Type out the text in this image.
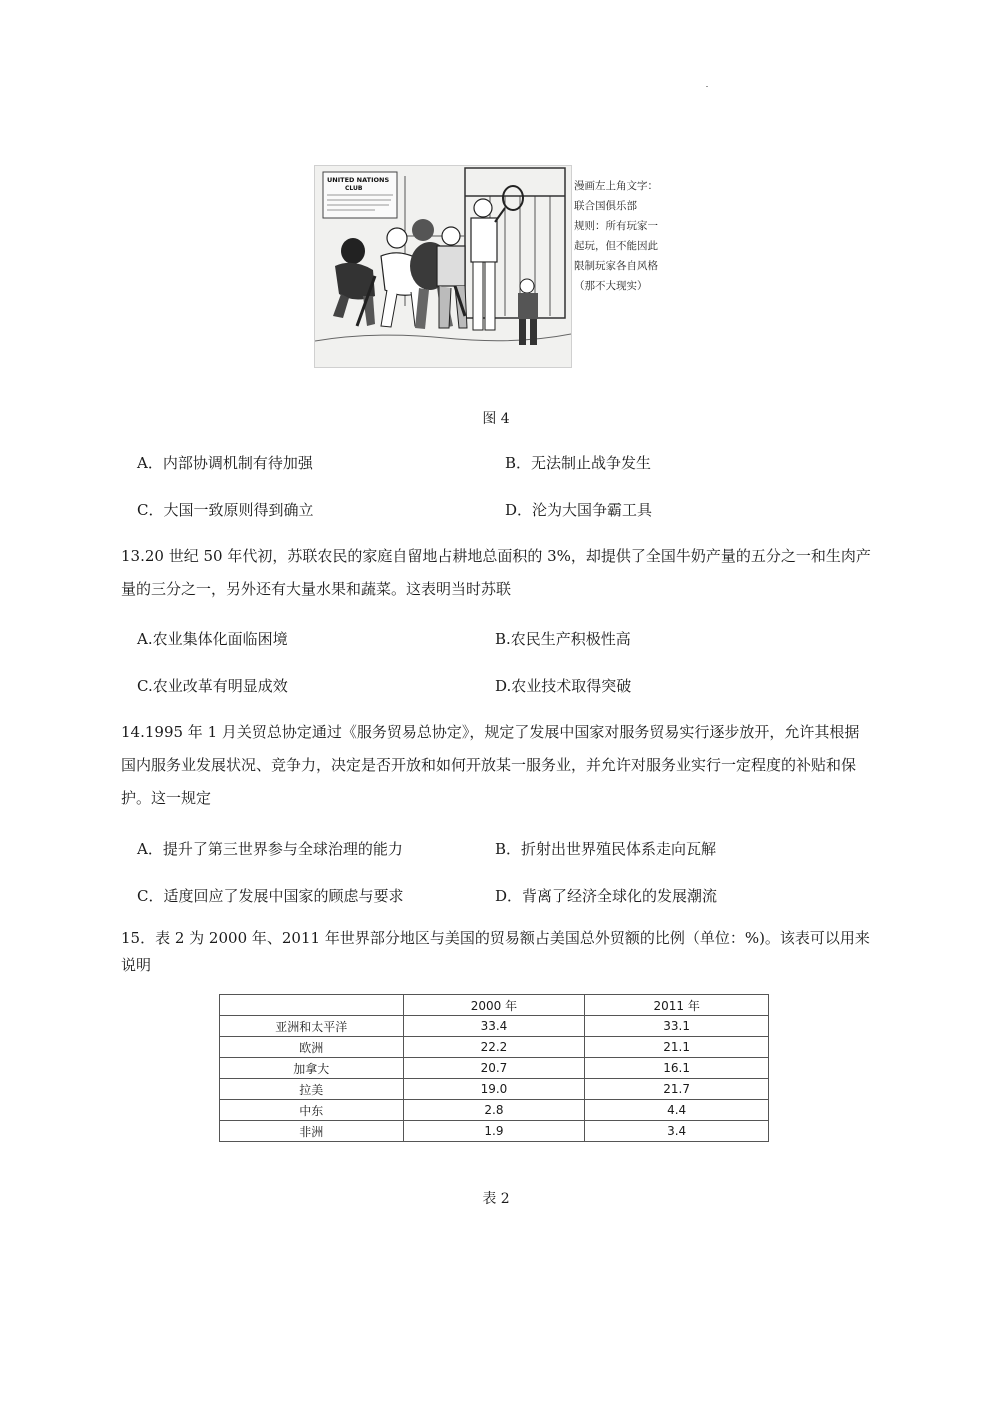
UNITED NATIONS
CLUB	漫画左上角文字：
联合国俱乐部
规则：所有玩家一
起玩，但不能因此
限制玩家各自风格
（那不大现实）
图 4
A．内部协调机制有待加强	B．无法制止战争发生
C．大国一致原则得到确立	D．沦为大国争霸工具

13.20 世纪 50 年代初，苏联农民的家庭自留地占耕地总面积的 3%，却提供了全国牛奶产量的五分之一和生肉产量的三分之一，另外还有大量水果和蔬菜。这表明当时苏联

A.农业集体化面临困境	B.农民生产积极性高
C.农业改革有明显成效	D.农业技术取得突破

14.1995 年 1 月关贸总协定通过《服务贸易总协定》，规定了发展中国家对服务贸易实行逐步放开，允许其根据国内服务业发展状况、竞争力，决定是否开放和如何开放某一服务业，并允许对服务业实行一定程度的补贴和保护。这一规定

A．提升了第三世界参与全球治理的能力	B．折射出世界殖民体系走向瓦解
C．适度回应了发展中国家的顾虑与要求	D．背离了经济全球化的发展潮流

15．表 2 为 2000 年、2011 年世界部分地区与美国的贸易额占美国总外贸额的比例（单位：%)。该表可以用来说明

	2000 年	2011 年
亚洲和太平洋	33.4	33.1
欧洲	22.2	21.1
加拿大	20.7	16.1
拉美	19.0	21.7
中东	2.8	4.4
非洲	1.9	3.4
表 2
